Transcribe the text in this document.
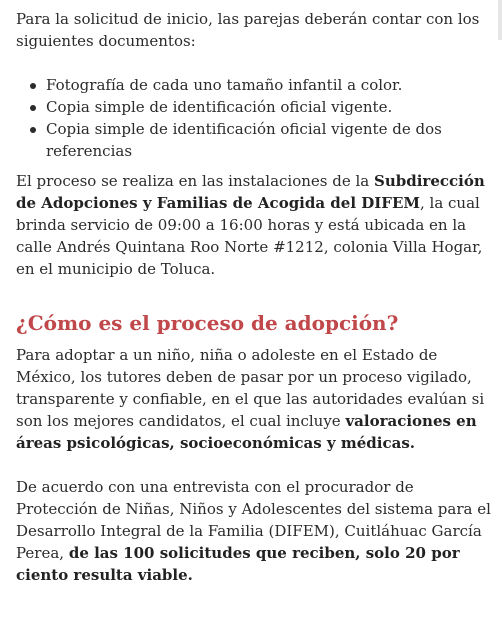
Para la solicitud de inicio, las parejas deberán contar con los siguientes documentos:

Fotografía de cada uno tamaño infantil a color.
Copia simple de identificación oficial vigente.
Copia simple de identificación oficial vigente de dos referencias

El proceso se realiza en las instalaciones de la Subdirección de Adopciones y Familias de Acogida del DIFEM, la cual brinda servicio de 09:00 a 16:00 horas y está ubicada en la calle Andrés Quintana Roo Norte #1212, colonia Villa Hogar, en el municipio de Toluca.

¿Cómo es el proceso de adopción?

Para adoptar a un niño, niña o adoleste en el Estado de México, los tutores deben de pasar por un proceso vigilado, transparente y confiable, en el que las autoridades evalúan si son los mejores candidatos, el cual incluye valoraciones en áreas psicológicas, socioeconómicas y médicas.

De acuerdo con una entrevista con el procurador de Protección de Niñas, Niños y Adolescentes del sistema para el Desarrollo Integral de la Familia (DIFEM), Cuitláhuac García Perea, de las 100 solicitudes que reciben, solo 20 por ciento resulta viable.
